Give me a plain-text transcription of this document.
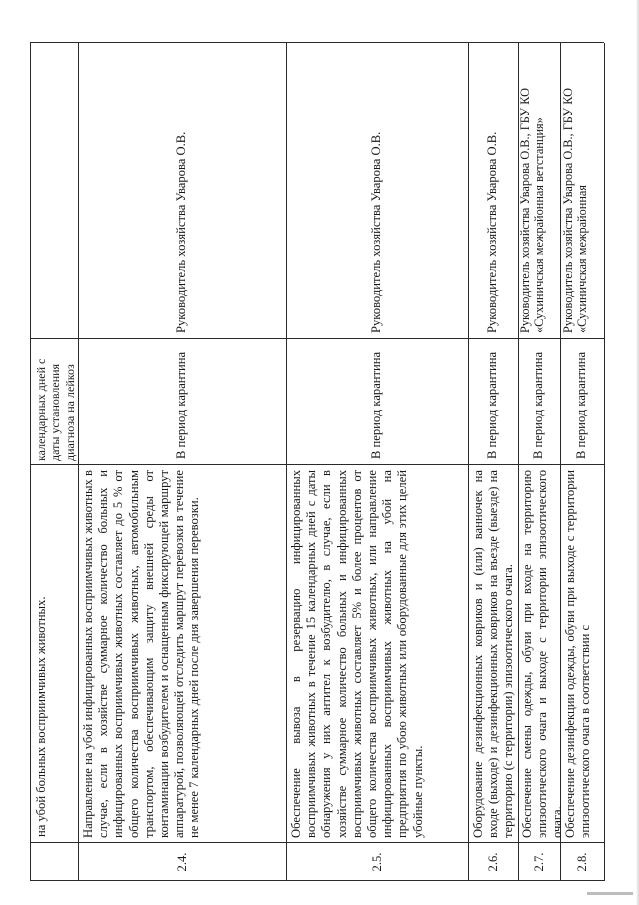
на убой больных восприимчивых животных.
календарных дней с даты установления диагноза на лейкоз
2.4.
Направление на убой инфицированных восприимчивых животных в случае, если в хозяйстве суммарное количество больных и инфицированных восприимчивых животных составляет до 5 % от общего количества восприимчивых животных, автомобильным транспортом, обеспечивающим защиту внешней среды от контаминации возбудителем и оснащенным фиксирующей маршрут аппаратурой, позволяющей отследить маршрут перевозки в течение не менее 7 календарных дней после дня завершения перевозки.
В период карантина
Руководитель хозяйства Уварова О.В.
2.5.
Обеспечение вывоза в резервацию инфицированных восприимчивых животных в течение 15 календарных дней с даты обнаружения у них антител к возбудителю, в случае, если в хозяйстве суммарное количество больных и инфицированных восприимчивых животных составляет 5% и более процентов от общего количества восприимчивых животных, или направление инфицированных восприимчивых животных на убой на предприятия по убою животных или оборудованные для этих целей убойные пункты.
В период карантина
Руководитель хозяйства Уварова О.В.
2.6.
Оборудование дезинфекционных ковриков и (или) ванночек на входе (выходе) и дезинфекционных ковриков на въезде (выезде) на территорию (с территории) эпизоотического очага.
В период карантина
Руководитель хозяйства Уварова О.В.
2.7.
Обеспечение смены одежды, обуви при входе на территорию эпизоотического очага и выходе с территории эпизоотического очага.
В период карантина
Руководитель хозяйства Уварова О.В., ГБУ КО «Сухиничская межрайонная ветстанция»
2.8.
Обеспечение дезинфекции одежды, обуви при выходе с территории эпизоотического очага в соответствии с
В период карантина
Руководитель хозяйства Уварова О.В., ГБУ КО «Сухиничская межрайонная
